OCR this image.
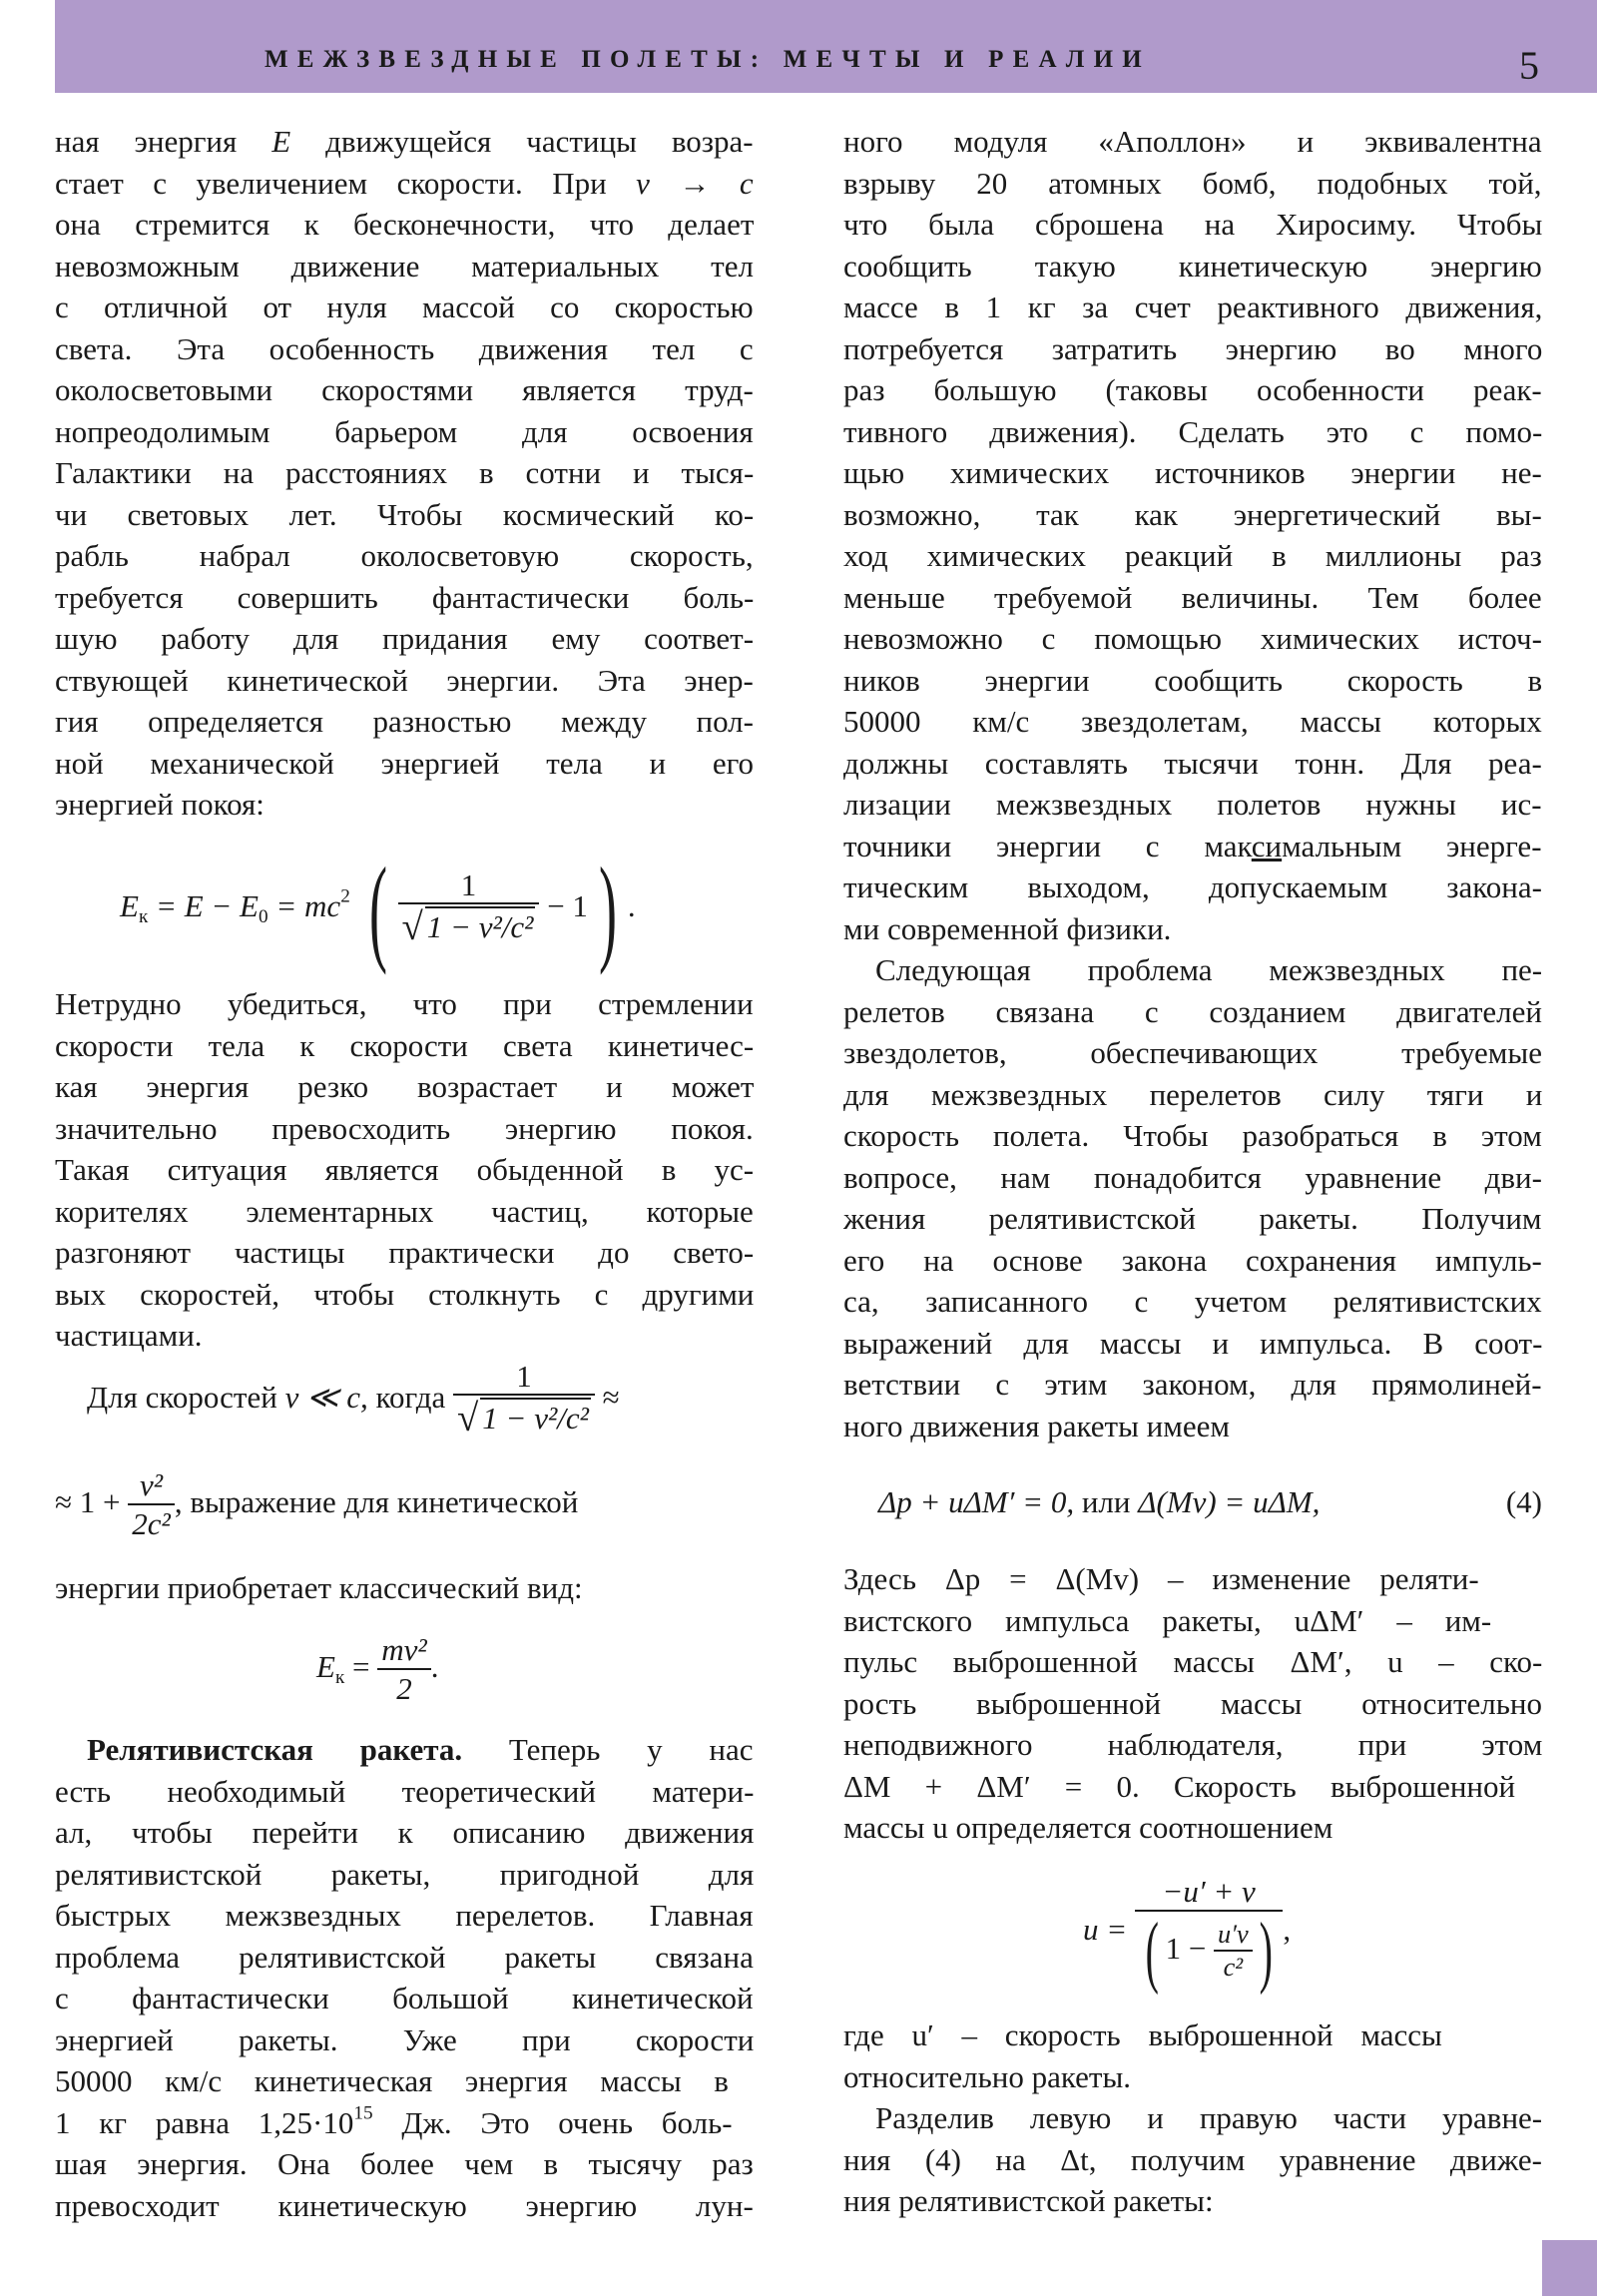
МЕЖЗВЕЗДНЫЕ ПОЛЕТЫ: МЕЧТЫ И РЕАЛИИ	5
ная энергия E движущейся частицы возра-
стает с увеличением скорости. При v → c
она стремится к бесконечности, что делает
невозможным движение материальных тел
с отличной от нуля массой со скоростью
света. Эта особенность движения тел с
околосветовыми скоростями является труд-
нопреодолимым барьером для освоения
Галактики на расстояниях в сотни и тыся-
чи световых лет. Чтобы космический ко-
рабль набрал околосветовую скорость,
требуется совершить фантастически боль-
шую работу для придания ему соответ-
ствующей кинетической энергии. Эта энер-
гия определяется разностью между пол-
ной механической энергией тела и его
энергией покоя:
$E_к = E - E_0 = mc^2$ ( $\frac{1}{\text{√ 1 − v²/c²}} - 1$) .
Нетрудно убедиться, что при стремлении
скорости тела к скорости света кинетичес-
кая энергия резко возрастает и может
значительно превосходить энергию покоя.
Такая ситуация является обыденной в ус-
корителях элементарных частиц, которые
разгоняют частицы практически до свето-
вых скоростей, чтобы столкнуть с другими
частицами.
Для скоростей v ≪ c, когда $\frac{1}{\text{√ 1 − v²/c²}}$ ≈
≈ $1 + \frac{\text{v²}}{\text{2c²}}$ , выражение для кинетической
энергии приобретает классический вид:
$E_к = \frac{\text{mv²}}{2}$ .
Релятивистская ракета. Теперь у нас
есть необходимый теоретический матери-
ал, чтобы перейти к описанию движения
релятивистской ракеты, пригодной для
быстрых межзвездных перелетов. Главная
проблема релятивистской ракеты связана
с фантастически большой кинетической
энергией ракеты. Уже при скорости
50000 км/с кинетическая энергия массы в
1 кг равна $1,25\cdot 10^{15}$ Дж. Это очень боль-
шая энергия. Она более чем в тысячу раз
превосходит кинетическую энергию лун-
ного модуля «Аполлон» и эквивалентна
взрыву 20 атомных бомб, подобных той,
что была сброшена на Хиросиму. Чтобы
сообщить такую кинетическую энергию
массе в 1 кг за счет реактивного движения,
потребуется затратить энергию во много
раз большую (таковы особенности реак-
тивного движения). Сделать это с помо-
щью химических источников энергии не-
возможно, так как энергетический вы-
ход химических реакций в миллионы раз
меньше требуемой величины. Тем более
невозможно с помощью химических источ-
ников энергии сообщить скорость в
50000 км/с звездолетам, массы которых
должны составлять тысячи тонн. Для реа-
лизации межзвездных полетов нужны ис-
точники энергии с максимальным энерге-
тическим выходом, допускаемым закона-
ми современной физики.
Следующая проблема межзвездных пе-
релетов связана с созданием двигателей
звездолетов, обеспечивающих требуемые
для межзвездных перелетов силу тяги и
скорость полета. Чтобы разобраться в этом
вопросе, нам понадобится уравнение дви-
жения релятивистской ракеты. Получим
его на основе закона сохранения импуль-
са, записанного с учетом релятивистских
выражений для массы и импульса. В соот-
ветствии с этим законом, для прямолиней-
ного движения ракеты имеем
Δp + uΔM′ = 0, или Δ(Mv) = uΔM,	(4)
Здесь Δp = Δ(Mv) – изменение реляти-
вистского импульса ракеты, uΔM′ – им-
пульс выброшенной массы ΔM′, u – ско-
рость выброшенной массы относительно
неподвижного наблюдателя, при этом
ΔM + ΔM′ = 0. Скорость выброшенной
массы u определяется соотношением
$u = \frac{-u' + v}{( 1 - \frac{u'v}{\text{c²}} )}$ ,
где u′ – скорость выброшенной массы
относительно ракеты.
Разделив левую и правую части уравне-
ния (4) на Δt, получим уравнение движе-
ния релятивистской ракеты:
